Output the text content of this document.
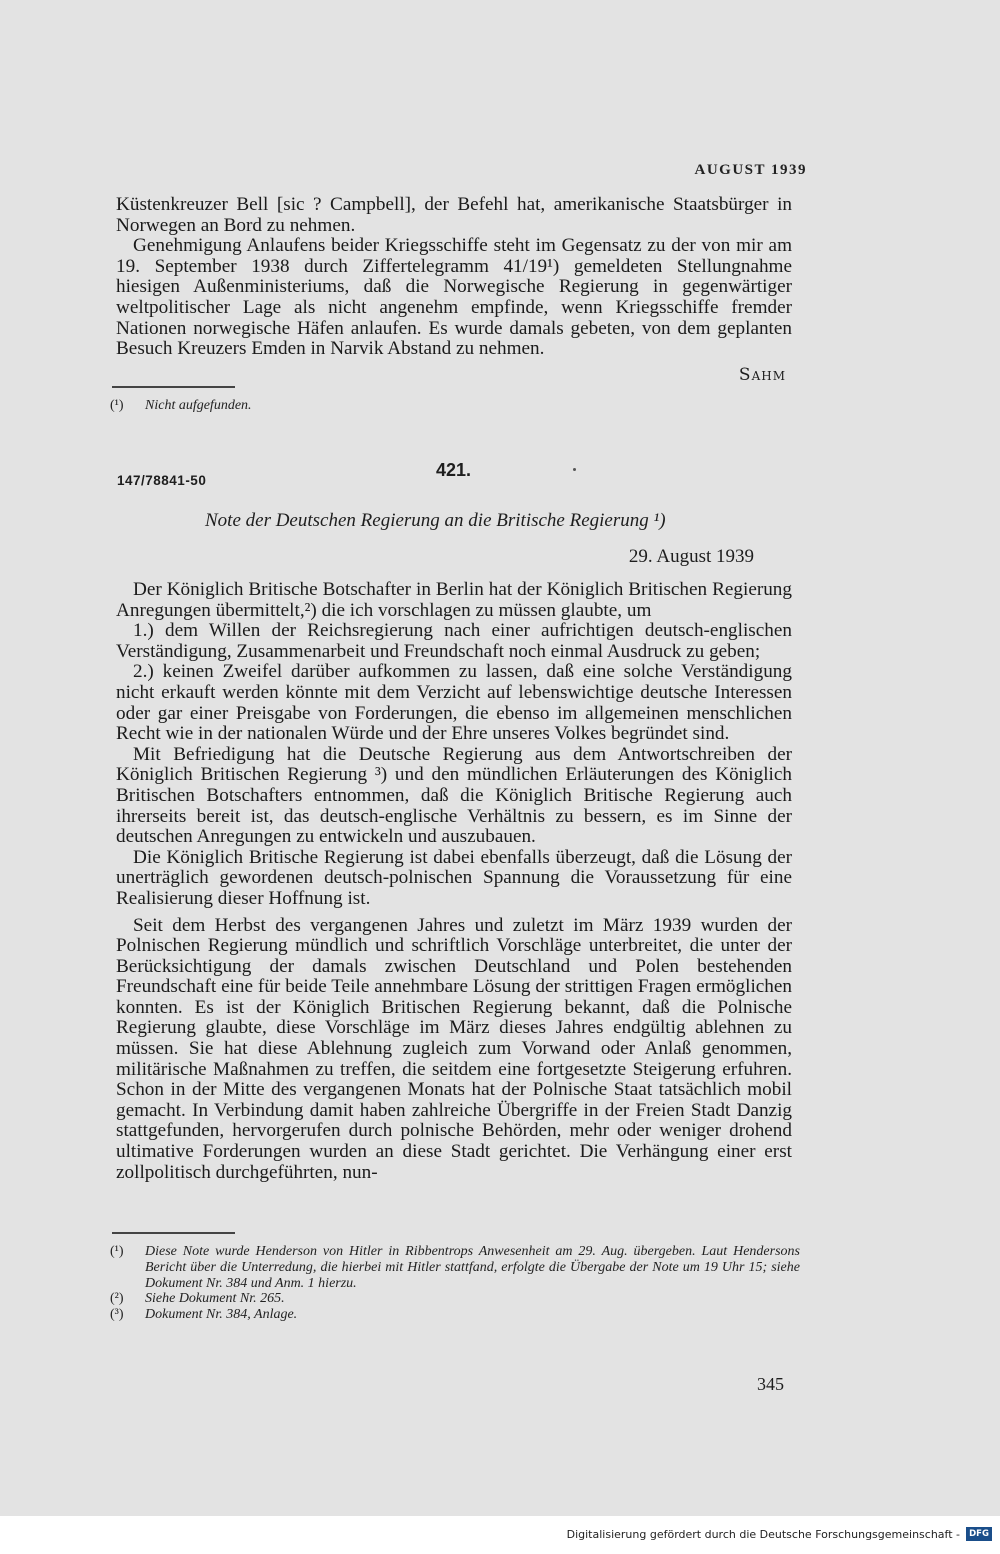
AUGUST 1939

Küstenkreuzer Bell [sic ? Campbell], der Befehl hat, amerikanische Staatsbürger in Norwegen an Bord zu nehmen.

Genehmigung Anlaufens beider Kriegsschiffe steht im Gegensatz zu der von mir am 19. September 1938 durch Ziffertelegramm 41/19¹) gemeldeten Stellungnahme hiesigen Außenministeriums, daß die Norwegische Regierung in gegenwärtiger weltpolitischer Lage als nicht angenehm empfinde, wenn Kriegsschiffe fremder Nationen norwegische Häfen anlaufen. Es wurde damals gebeten, von dem geplanten Besuch Kreuzers Emden in Narvik Abstand zu nehmen.

Sahm
(¹)	Nicht aufgefunden.
421.
147/78841-50
Note der Deutschen Regierung an die Britische Regierung ¹)
29. August 1939

Der Königlich Britische Botschafter in Berlin hat der Königlich Britischen Regierung Anregungen übermittelt,²) die ich vorschlagen zu müssen glaubte, um

1.) dem Willen der Reichsregierung nach einer aufrichtigen deutsch-englischen Verständigung, Zusammenarbeit und Freundschaft noch einmal Ausdruck zu geben;

2.) keinen Zweifel darüber aufkommen zu lassen, daß eine solche Verständigung nicht erkauft werden könnte mit dem Verzicht auf lebenswichtige deutsche Interessen oder gar einer Preisgabe von Forderungen, die ebenso im allgemeinen menschlichen Recht wie in der nationalen Würde und der Ehre unseres Volkes begründet sind.

Mit Befriedigung hat die Deutsche Regierung aus dem Antwortschreiben der Königlich Britischen Regierung ³) und den mündlichen Erläuterungen des Königlich Britischen Botschafters entnommen, daß die Königlich Britische Regierung auch ihrerseits bereit ist, das deutsch-englische Verhältnis zu bessern, es im Sinne der deutschen Anregungen zu entwickeln und auszubauen.

Die Königlich Britische Regierung ist dabei ebenfalls überzeugt, daß die Lösung der unerträglich gewordenen deutsch-polnischen Spannung die Voraussetzung für eine Realisierung dieser Hoffnung ist.

Seit dem Herbst des vergangenen Jahres und zuletzt im März 1939 wurden der Polnischen Regierung mündlich und schriftlich Vorschläge unterbreitet, die unter der Berücksichtigung der damals zwischen Deutschland und Polen bestehenden Freundschaft eine für beide Teile annehmbare Lösung der strittigen Fragen ermöglichen konnten. Es ist der Königlich Britischen Regierung bekannt, daß die Polnische Regierung glaubte, diese Vorschläge im März dieses Jahres endgültig ablehnen zu müssen. Sie hat diese Ablehnung zugleich zum Vorwand oder Anlaß genommen, militärische Maßnahmen zu treffen, die seitdem eine fortgesetzte Steigerung erfuhren. Schon in der Mitte des vergangenen Monats hat der Polnische Staat tatsächlich mobil gemacht. In Verbindung damit haben zahlreiche Übergriffe in der Freien Stadt Danzig stattgefunden, hervorgerufen durch polnische Behörden, mehr oder weniger drohend ultimative Forderungen wurden an diese Stadt gerichtet. Die Verhängung einer erst zollpolitisch durchgeführten, nun-

(¹)	Diese Note wurde Henderson von Hitler in Ribbentrops Anwesenheit am 29. Aug. übergeben. Laut Hendersons Bericht über die Unterredung, die hierbei mit Hitler stattfand, erfolgte die Übergabe der Note um 19 Uhr 15; siehe Dokument Nr. 384 und Anm. 1 hierzu.
(²)	Siehe Dokument Nr. 265.
(³)	Dokument Nr. 384, Anlage.
345
Digitalisierung gefördert durch die Deutsche Forschungsgemeinschaft -	DFG
